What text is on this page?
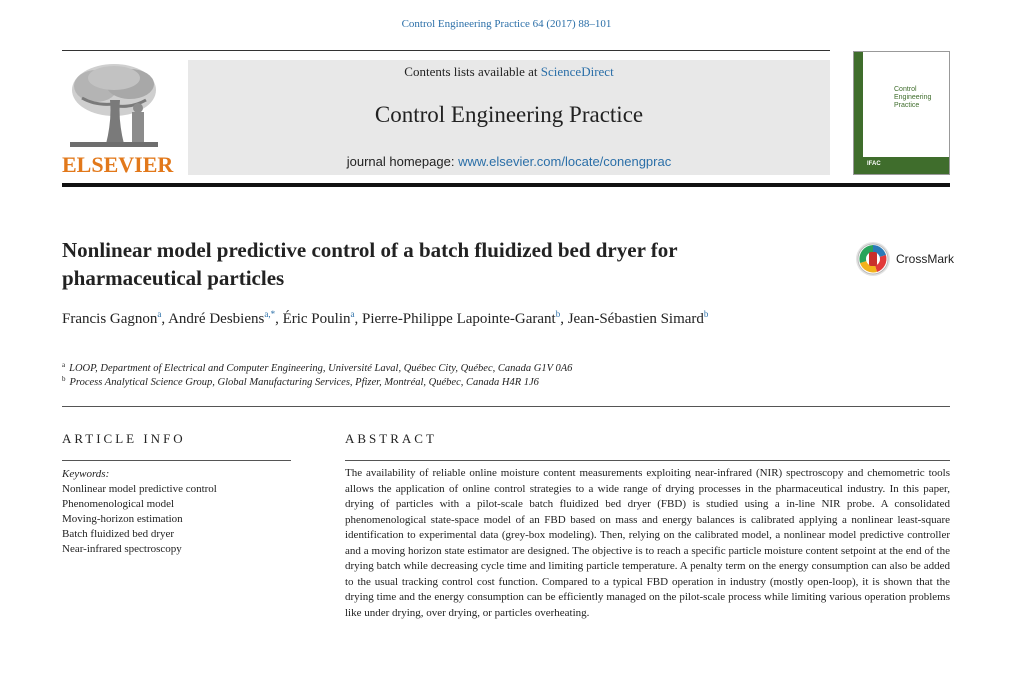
Control Engineering Practice 64 (2017) 88–101
ELSEVIER
Contents lists available at ScienceDirect
Control Engineering Practice
journal homepage: www.elsevier.com/locate/conengprac
Control
Engineering
Practice
IFAC
Nonlinear model predictive control of a batch fluidized bed dryer for pharmaceutical particles
CrossMark
Francis Gagnon$^a$, André Desbiens$^{a,*}$, Éric Poulin$^a$, Pierre-Philippe Lapointe-Garant$^b$, Jean-Sébastien Simard$^b$
$^a$ LOOP, Department of Electrical and Computer Engineering, Université Laval, Québec City, Québec, Canada G1V 0A6
$^b$ Process Analytical Science Group, Global Manufacturing Services, Pfizer, Montréal, Québec, Canada H4R 1J6
ARTICLE INFO
Keywords:
Nonlinear model predictive control
Phenomenological model
Moving-horizon estimation
Batch fluidized bed dryer
Near-infrared spectroscopy
ABSTRACT

The availability of reliable online moisture content measurements exploiting near-infrared (NIR) spectroscopy and chemometric tools allows the application of online control strategies to a wide range of drying processes in the pharmaceutical industry. In this paper, drying of particles with a pilot-scale batch fluidized bed dryer (FBD) is studied using a in-line NIR probe. A consolidated phenomenological state-space model of an FBD based on mass and energy balances is calibrated applying a nonlinear least-square identification to experimental data (grey-box modeling). Then, relying on the calibrated model, a nonlinear model predictive controller and a moving horizon state estimator are designed. The objective is to reach a specific particle moisture content setpoint at the end of the drying batch while decreasing cycle time and limiting particle temperature. A penalty term on the energy consumption can also be added to the usual tracking control cost function. Compared to a typical FBD operation in industry (mostly open-loop), it is shown that the drying time and the energy consumption can be efficiently managed on the pilot-scale process while limiting various operation problems like under drying, over drying, or particles overheating.
